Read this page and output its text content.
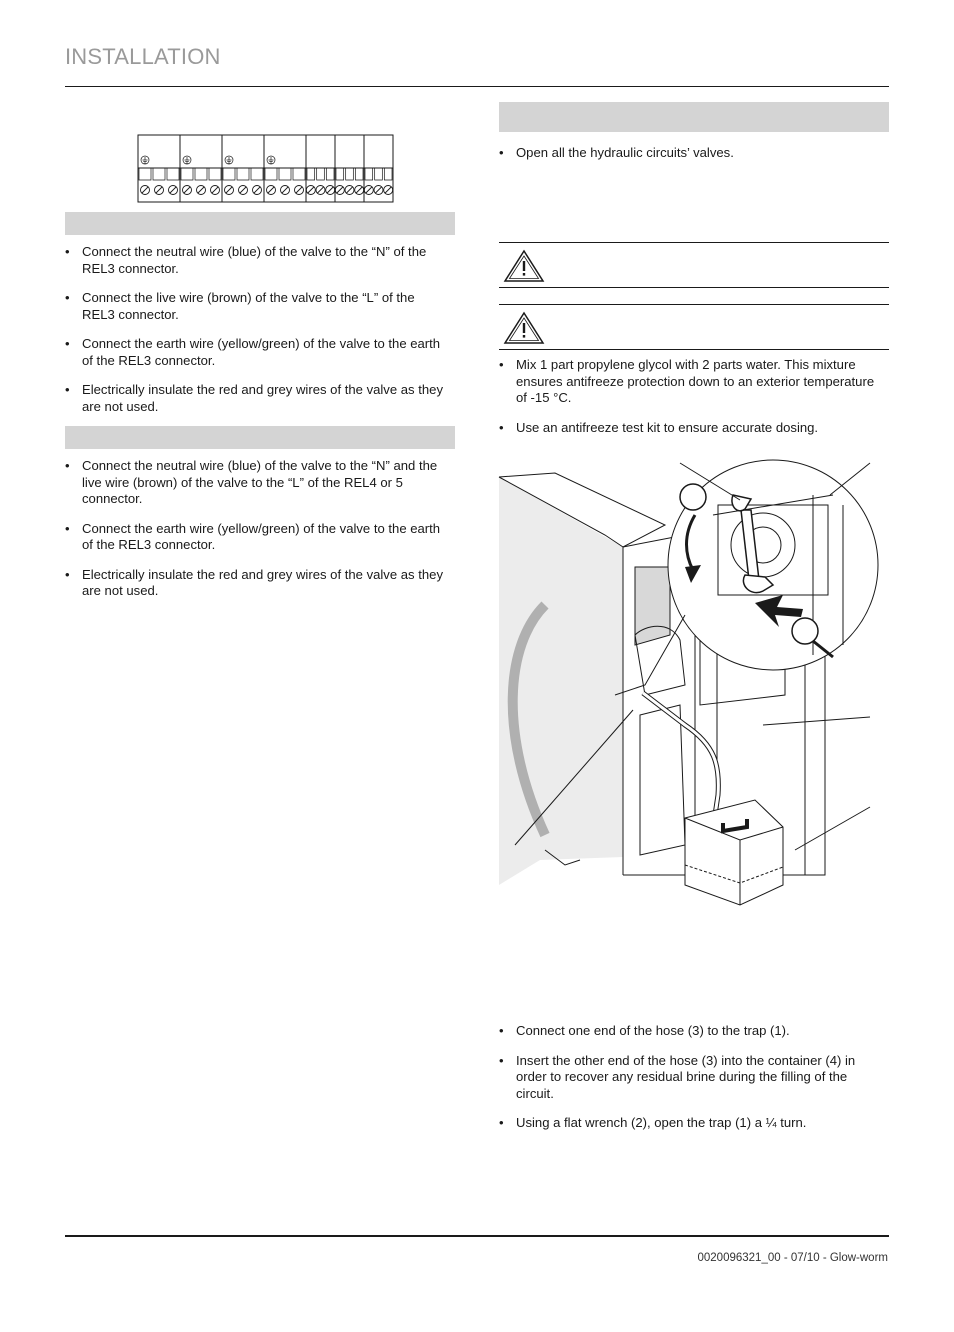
INSTALLATION
• Connect the neutral wire (blue) of the valve to the “N” of the REL3 connector.
• Connect the live wire (brown) of the valve to the “L” of the REL3 connector.
• Connect the earth wire (yellow/green) of the valve to the earth of the REL3 connector.
• Electrically insulate the red and grey wires of the valve as they are not used.
• Connect the neutral wire (blue) of the valve to the “N” and the live wire (brown) of the valve to the “L” of the REL4 or 5 connector.
• Connect the earth wire (yellow/green) of the valve to the earth of the REL3 connector.
• Electrically insulate the red and grey wires of the valve as they are not used.
• Open all the hydraulic circuits’ valves.
• Mix 1 part propylene glycol with 2 parts water. This mixture ensures antifreeze protection down to an exterior temperature of -15 °C.
• Use an antifreeze test kit to ensure accurate dosing.
• Connect one end of the hose (3) to the trap (1).
• Insert the other end of the hose (3) into the container (4) in order to recover any residual brine during the filling of the circuit.
• Using a flat wrench (2), open the trap (1) a ¼ turn.
0020096321_00 - 07/10 - Glow-worm
